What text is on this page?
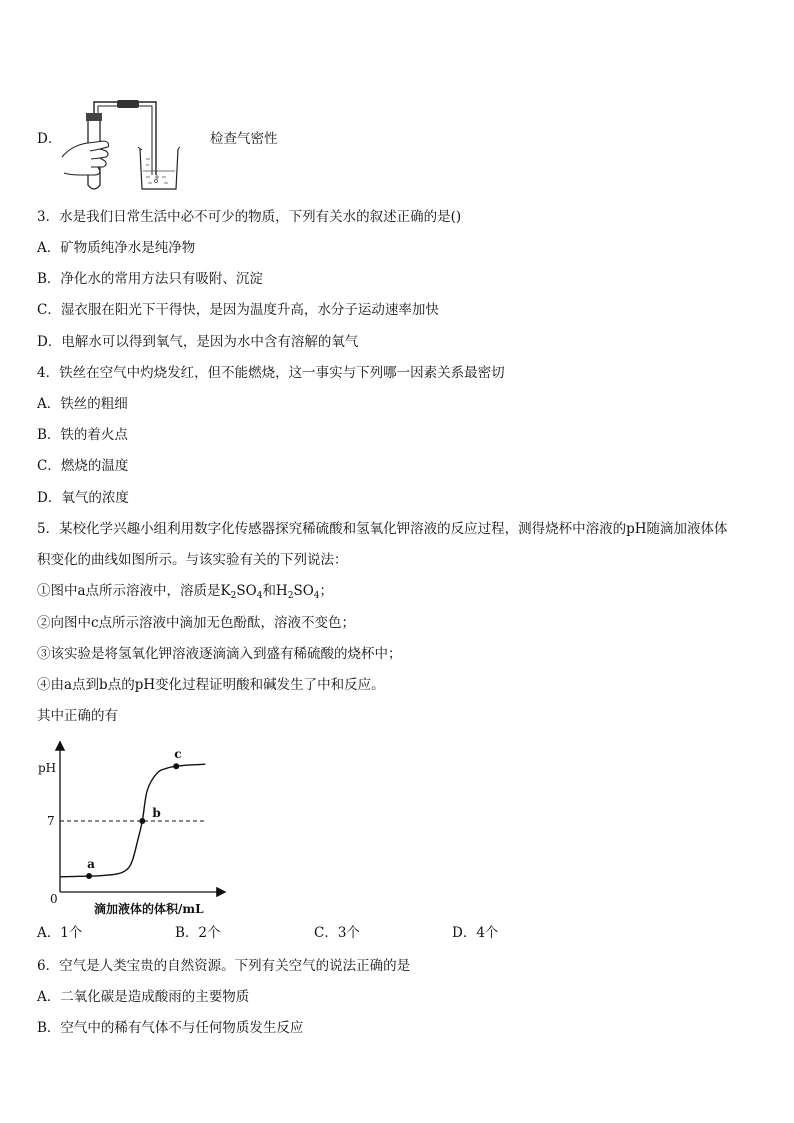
D．	检查气密性
3．水是我们日常生活中必不可少的物质，下列有关水的叙述正确的是()
A．矿物质纯净水是纯净物
B．净化水的常用方法只有吸附、沉淀
C．湿衣服在阳光下干得快，是因为温度升高，水分子运动速率加快
D．电解水可以得到氧气，是因为水中含有溶解的氧气
4．铁丝在空气中灼烧发红，但不能燃烧，这一事实与下列哪一因素关系最密切
A．铁丝的粗细
B．铁的着火点
C．燃烧的温度
D．氧气的浓度
5．某校化学兴趣小组利用数字化传感器探究稀硫酸和氢氧化钾溶液的反应过程，测得烧杯中溶液的pH随滴加液体体
积变化的曲线如图所示。与该实验有关的下列说法：
①图中a点所示溶液中，溶质是$K_2SO_4$和$H_2SO_4$；
②向图中c点所示溶液中滴加无色酚酞，溶液不变色；
③该实验是将氢氧化钾溶液逐滴滴入到盛有稀硫酸的烧杯中；
④由a点到b点的pH变化过程证明酸和碱发生了中和反应。
其中正确的有
pH
0
7
a
b
c
滴加液体的体积/mL
A．1个	B．2个	C．3个	D．4个
6．空气是人类宝贵的自然资源。下列有关空气的说法正确的是
A．二氧化碳是造成酸雨的主要物质
B．空气中的稀有气体不与任何物质发生反应
